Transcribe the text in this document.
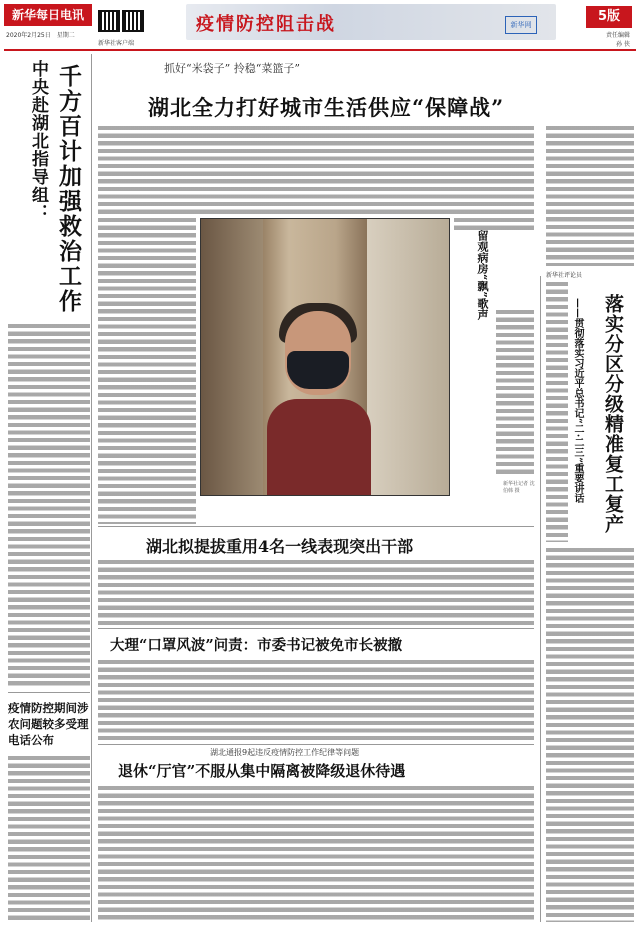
新华每日电讯
2020年2月25日 星期二
新华社客户端
疫情防控阻击战	新华网
5版
责任编辑
孙 侠
中央赴湖北指导组： 千方百计加强救治工作
疫情防控期间涉农问题较多受理电话公布
抓好“米袋子” 拎稳“菜篮子”
湖北全力打好城市生活供应“保障战”
留观病房“飘”歌声
新华社记者 沈伯韩 摄
湖北拟提拔重用4名一线表现突出干部
大理“口罩风波”问责：市委书记被免市长被撤
湖北通报9起违反疫情防控工作纪律等问题
退休“厅官”不服从集中隔离被降级退休待遇
新华社评论员
落实分区分级精准复工复产
——贯彻落实习近平总书记“二·二三”重要讲话
